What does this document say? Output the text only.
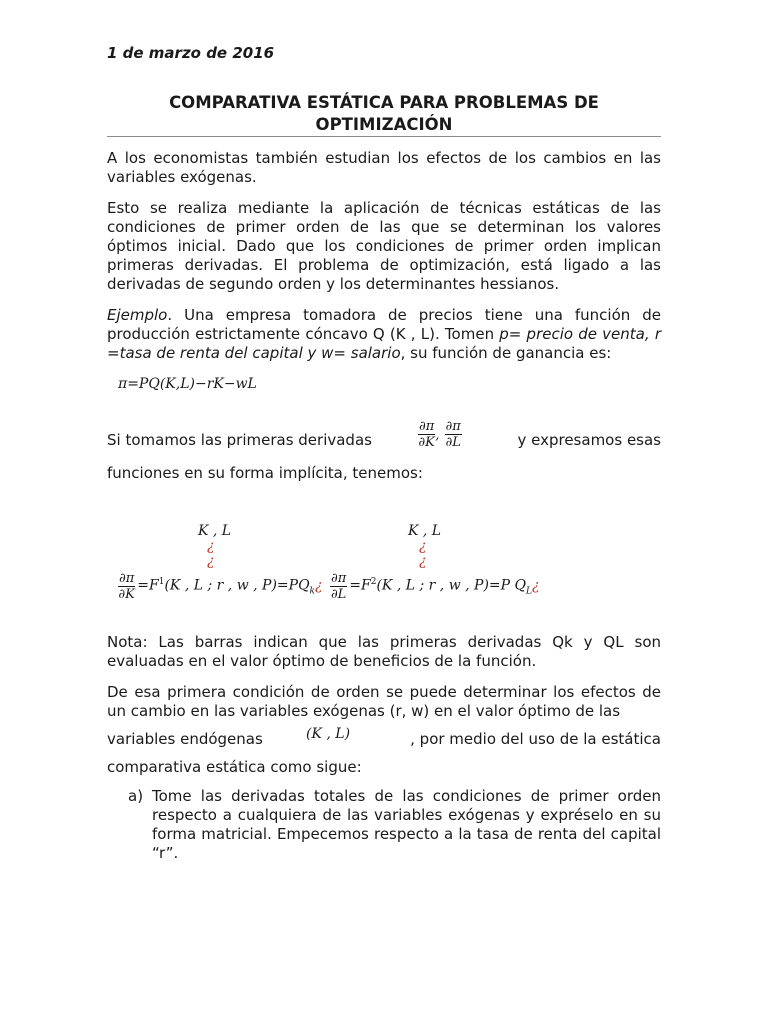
1 de marzo de 2016
COMPARATIVA ESTÁTICA PARA PROBLEMAS DE OPTIMIZACIÓN
A los economistas también estudian los efectos de los cambios en las variables exógenas.
Esto se realiza mediante la aplicación de técnicas estáticas de las condiciones de primer orden de las que se determinan los valores óptimos inicial. Dado que los condiciones de primer orden implican primeras derivadas. El problema de optimización, está ligado a las derivadas de segundo orden y los determinantes hessianos.
Ejemplo. Una empresa tomadora de precios tiene una función de producción estrictamente cóncavo Q (K , L). Tomen p= precio de venta, r =tasa de renta del capital y w= salario, su función de ganancia es:
π=PQ(K,L)−rK−wL
Si tomamos las primeras derivadas	$\frac{\partial\pi}{\partial K}$ , $\frac{\partial\pi}{\partial L}$	y expresamos esas
funciones en su forma implícita, tenemos:
K , L
¿
¿
$\frac{\partial\pi}{\partial K} =F^1(K$ , L ; r , w , $P)=PQ_k¿$
K , L
¿
¿
$\frac{\partial\pi}{\partial L} =F^2(K$ , L ; r , w , P)=P $Q_L¿$
Nota: Las barras indican que las primeras derivadas Qk y QL son evaluadas en el valor óptimo de beneficios de la función.
De esa primera condición de orden se puede determinar los efectos de un cambio en las variables exógenas (r, w) en el valor óptimo de las
variables endógenas	(K , L)	, por medio del uso de la estática
comparativa estática como sigue:
a) Tome las derivadas totales de las condiciones de primer orden respecto a cualquiera de las variables exógenas y expréselo en su forma matricial. Empecemos respecto a la tasa de renta del capital “r”.
